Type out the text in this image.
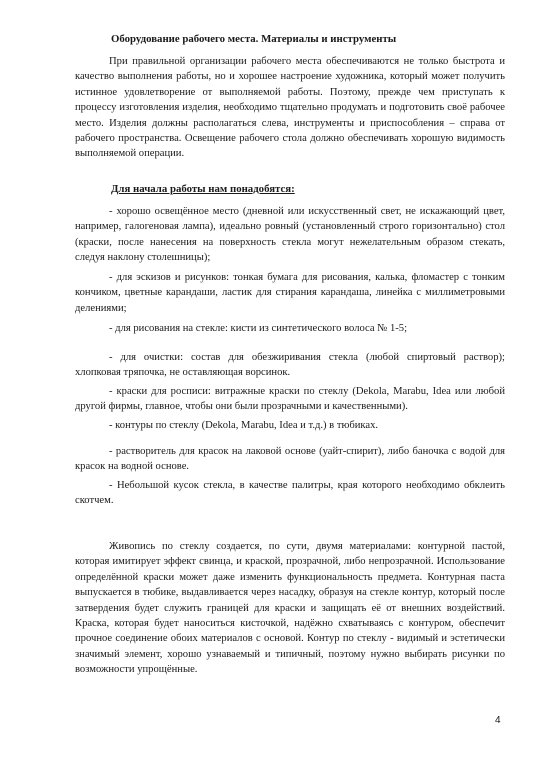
Оборудование рабочего места. Материалы и инструменты

При правильной организации рабочего места обеспечиваются не только быстрота и качество выполнения работы, но и хорошее настроение художника, который может получить истинное удовлетворение от выполняемой работы. Поэтому, прежде чем приступать к процессу изготовления изделия, необходимо тщательно продумать и подготовить своё рабочее место. Изделия должны располагаться слева, инструменты и приспособления – справа от рабочего пространства. Освещение рабочего стола должно обеспечивать хорошую видимость выполняемой операции.

Для начала работы нам понадобятся:

- хорошо освещённое место (дневной или искусственный свет, не искажающий цвет, например, галогеновая лампа), идеально ровный (установленный строго горизонтально) стол (краски, после нанесения на поверхность стекла могут нежелательным образом стекать, следуя наклону столешницы);

- для эскизов и рисунков: тонкая бумага для рисования, калька, фломастер с тонким кончиком, цветные карандаши, ластик для стирания карандаша, линейка с миллиметровыми делениями;

- для рисования на стекле: кисти из синтетического волоса № 1-5;

- для очистки: состав для обезжиривания стекла (любой спиртовый раствор); хлопковая тряпочка, не оставляющая ворсинок.

- краски для росписи: витражные краски по стеклу (Dekola, Marabu, Idea или любой другой фирмы, главное, чтобы они были прозрачными и качественными).

- контуры по стеклу (Dekola, Marabu, Idea и т.д.) в тюбиках.

- растворитель для красок на лаковой основе (уайт-спирит), либо баночка с водой для красок на водной основе.

- Небольшой кусок стекла, в качестве палитры, края которого необходимо обклеить скотчем.

Живопись по стеклу создается, по сути, двумя материалами: контурной пастой, которая имитирует эффект свинца, и краской, прозрачной, либо непрозрачной. Использование определённой краски может даже изменить функциональность предмета. Контурная паста выпускается в тюбике, выдавливается через насадку, образуя на стекле контур, который после затвердения будет служить границей для краски и защищать её от внешних воздействий. Краска, которая будет наноситься кисточкой, надёжно схватываясь с контуром, обеспечит прочное соединение обоих материалов с основой. Контур по стеклу - видимый и эстетически значимый элемент, хорошо узнаваемый и типичный, поэтому нужно выбирать рисунки по возможности упрощённые.

4
